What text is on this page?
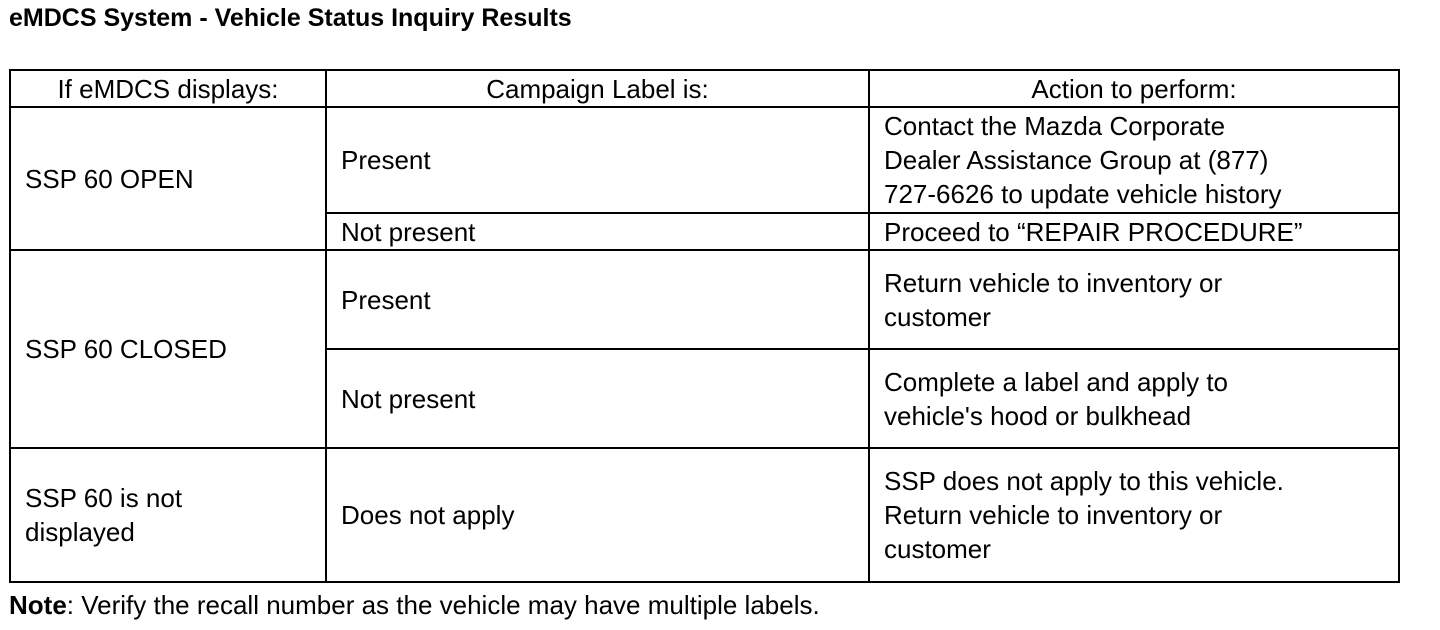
eMDCS System - Vehicle Status Inquiry Results
If eMDCS displays:	Campaign Label is:	Action to perform:

SSP 60 OPEN	Present	Contact the Mazda Corporate
Dealer Assistance Group at (877)
727-6626 to update vehicle history

	Not present	Proceed to “REPAIR PROCEDURE”

SSP 60 CLOSED	Present	Return vehicle to inventory or
customer

	Not present	Complete a label and apply to
vehicle's hood or bulkhead

SSP 60 is not
displayed	Does not apply	SSP does not apply to this vehicle.
Return vehicle to inventory or
customer
Note: Verify the recall number as the vehicle may have multiple labels.
